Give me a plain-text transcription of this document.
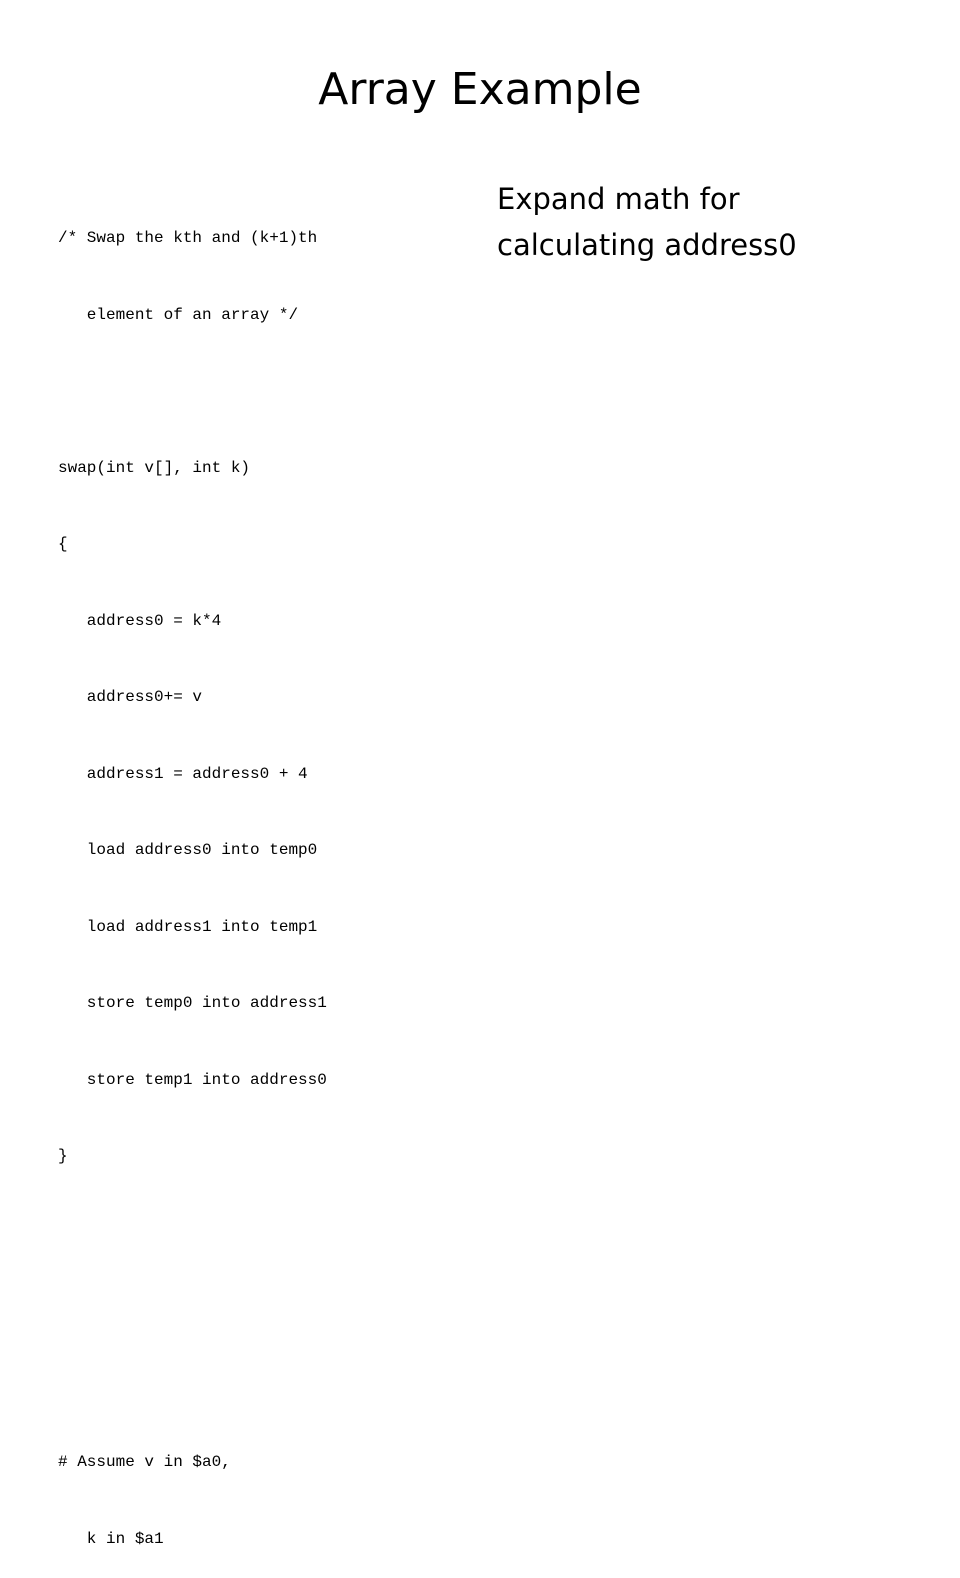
Array Example

/* Swap the kth and (k+1)th

element of an array */

swap(int v[], int k)

{

address0 = k*4

address0+= v

address1 = address0 + 4

load address0 into temp0

load address1 into temp1

store temp0 into address1

store temp1 into address0

}

# Assume v in $a0,

k in $a1

Expand math for
calculating address0
